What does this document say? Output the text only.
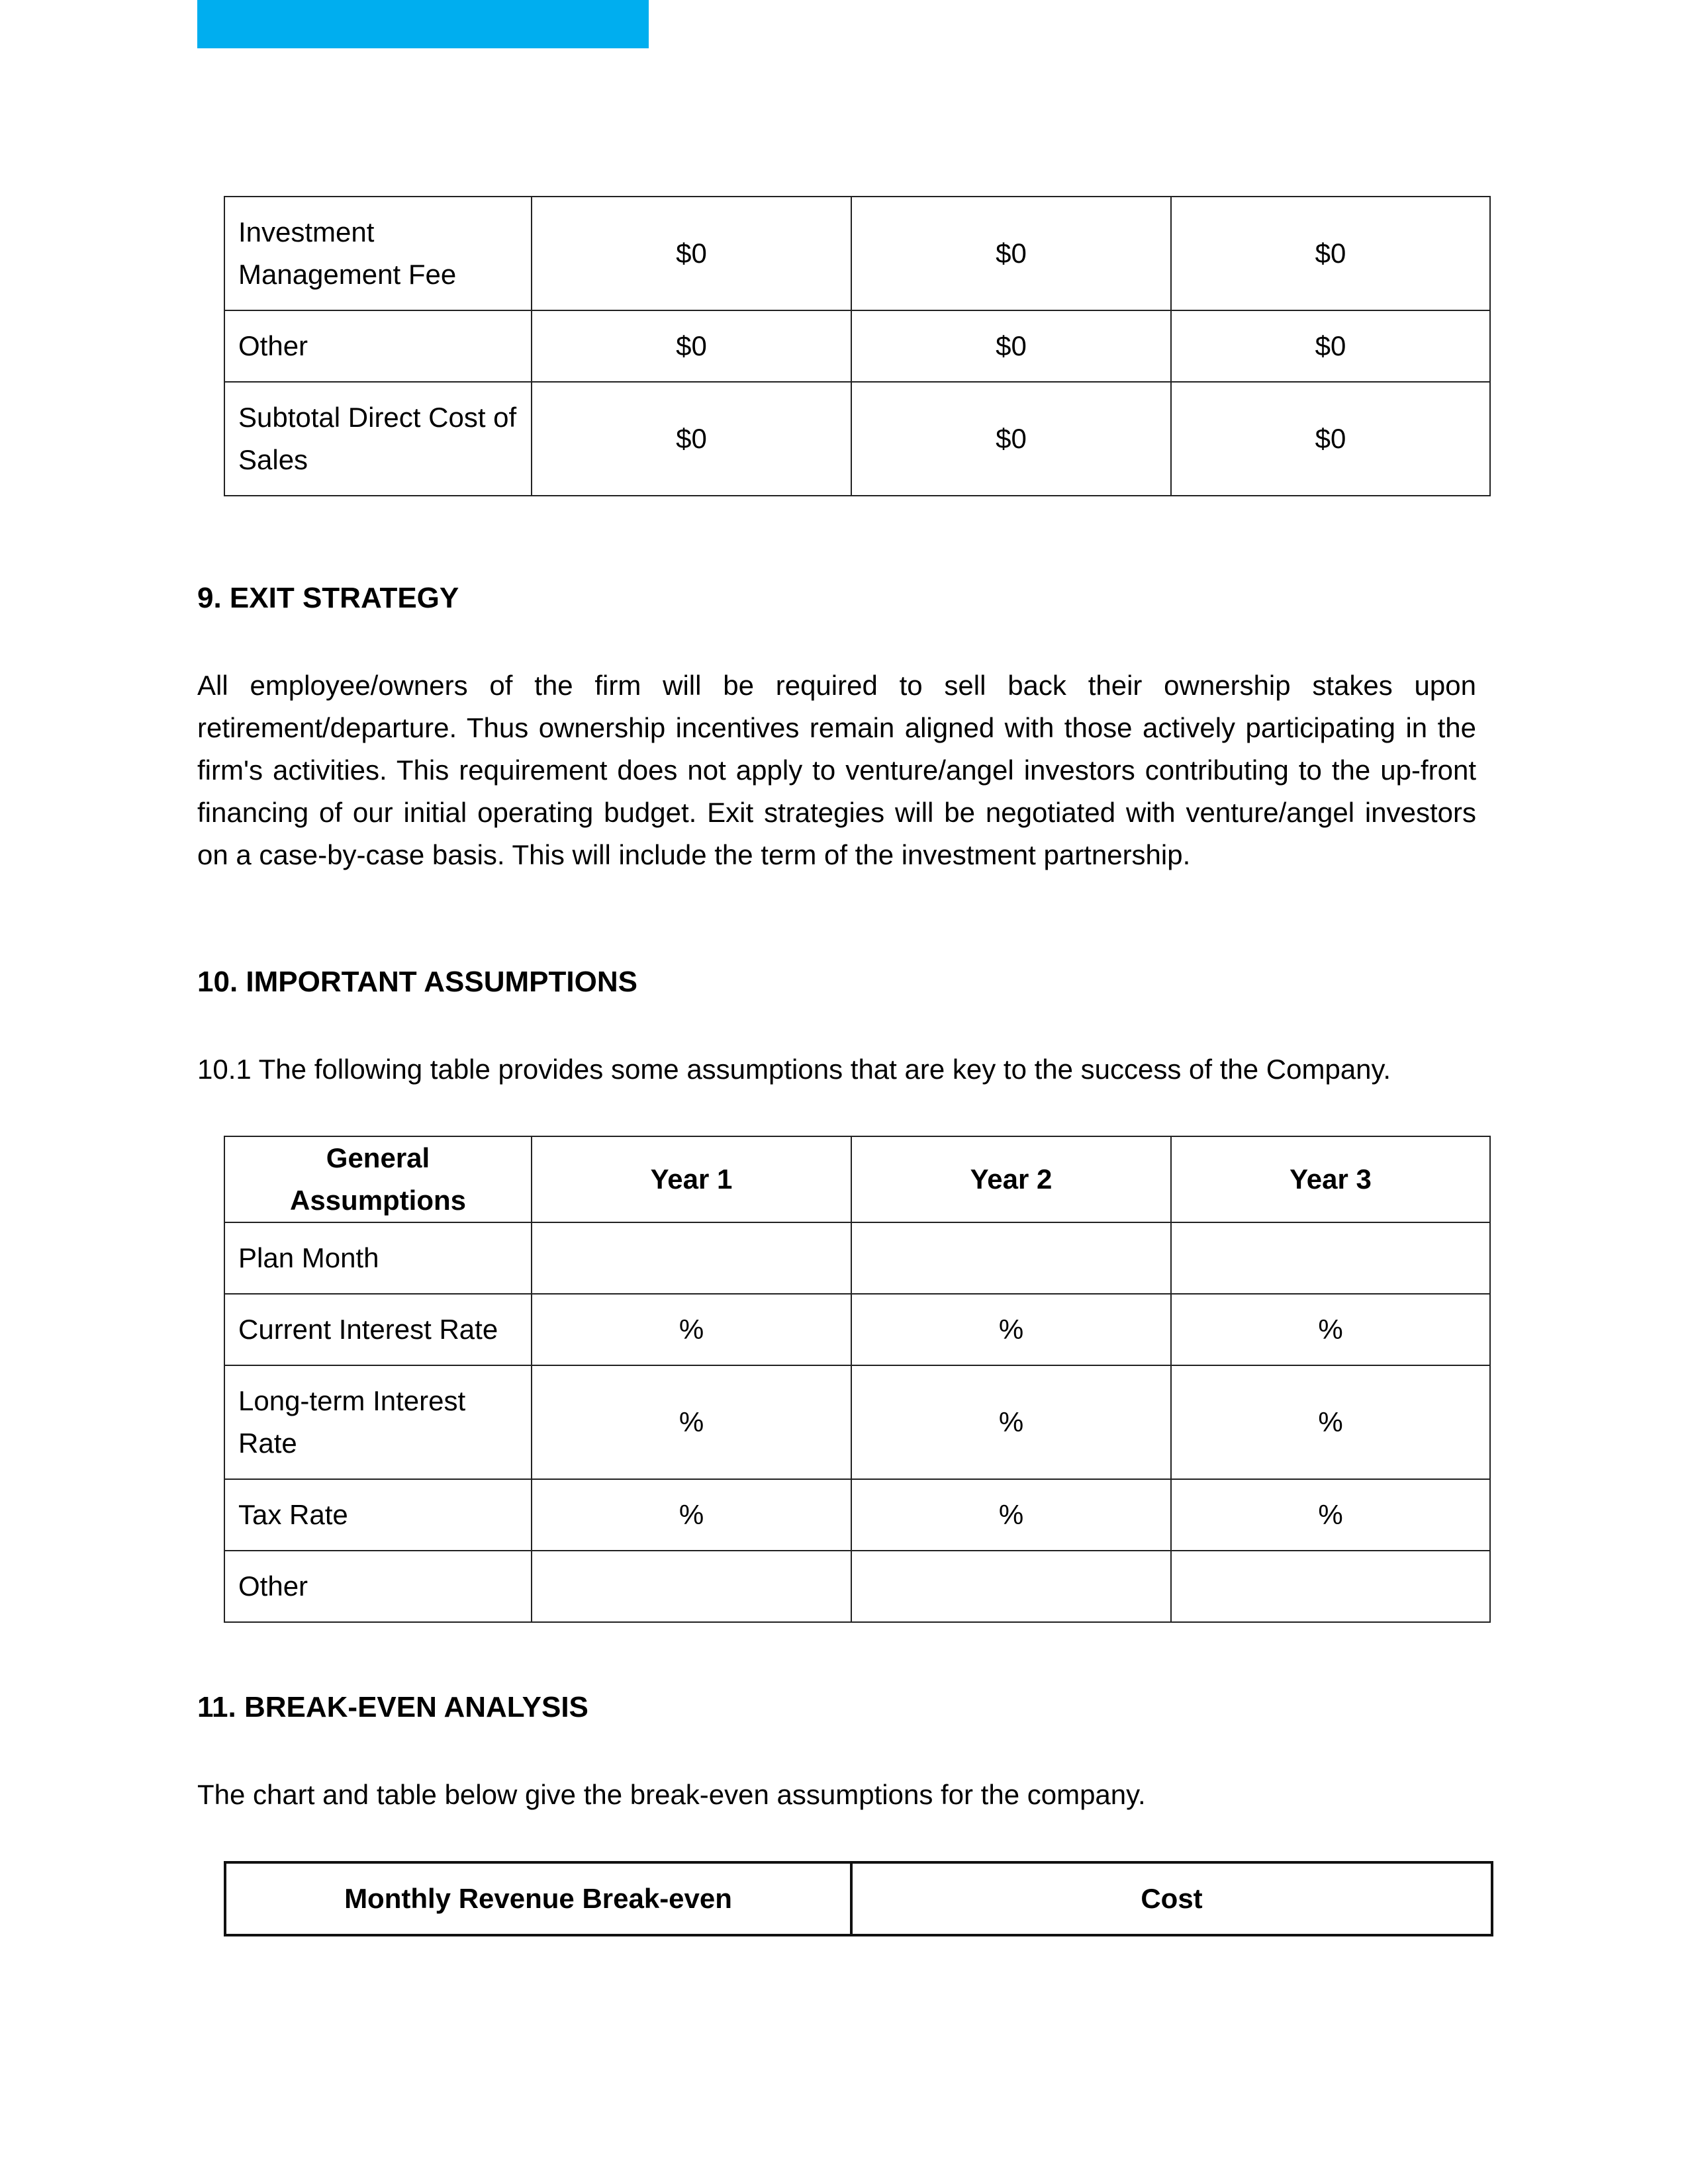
Investment Management Fee	$0	$0	$0
Other	$0	$0	$0
Subtotal Direct Cost of Sales	$0	$0	$0
9. EXIT STRATEGY

All employee/owners of the firm will be required to sell back their ownership stakes upon retirement/departure. Thus ownership incentives remain aligned with those actively participating in the firm's activities. This requirement does not apply to venture/angel investors contributing to the up-front financing of our initial operating budget. Exit strategies will be negotiated with venture/angel investors on a case-by-case basis. This will include the term of the investment partnership.

10. IMPORTANT ASSUMPTIONS

10.1 The following table provides some assumptions that are key to the success of the Company.

General Assumptions	Year 1	Year 2	Year 3
Plan Month			
Current Interest Rate	%	%	%
Long-term Interest Rate	%	%	%
Tax Rate	%	%	%
Other			
11. BREAK-EVEN ANALYSIS

The chart and table below give the break-even assumptions for the company.

Monthly Revenue Break-even	Cost
